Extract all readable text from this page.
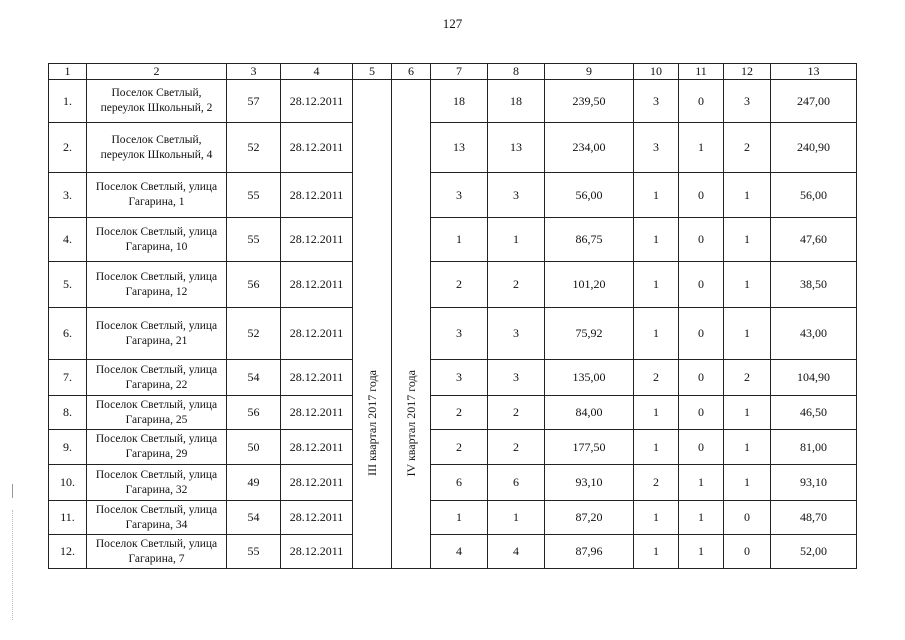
127
1	2	3	4	5	6	7	8	9	10	11	12	13
1.	Поселок Светлый, переулок Школьный, 2	57	28.12.2011	III квартал 2017 года	IV квартал 2017 года	18	18	239,50	3	0	3	247,00
2.	Поселок Светлый, переулок Школьный, 4	52	28.12.2011			13	13	234,00	3	1	2	240,90
3.	Поселок Светлый, улица Гагарина, 1	55	28.12.2011			3	3	56,00	1	0	1	56,00
4.	Поселок Светлый, улица Гагарина, 10	55	28.12.2011			1	1	86,75	1	0	1	47,60
5.	Поселок Светлый, улица Гагарина, 12	56	28.12.2011			2	2	101,20	1	0	1	38,50
6.	Поселок Светлый, улица Гагарина, 21	52	28.12.2011			3	3	75,92	1	0	1	43,00
7.	Поселок Светлый, улица Гагарина, 22	54	28.12.2011			3	3	135,00	2	0	2	104,90
8.	Поселок Светлый, улица Гагарина, 25	56	28.12.2011			2	2	84,00	1	0	1	46,50
9.	Поселок Светлый, улица Гагарина, 29	50	28.12.2011			2	2	177,50	1	0	1	81,00
10.	Поселок Светлый, улица Гагарина, 32	49	28.12.2011			6	6	93,10	2	1	1	93,10
11.	Поселок Светлый, улица Гагарина, 34	54	28.12.2011			1	1	87,20	1	1	0	48,70
12.	Поселок Светлый, улица Гагарина, 7	55	28.12.2011			4	4	87,96	1	1	0	52,00
